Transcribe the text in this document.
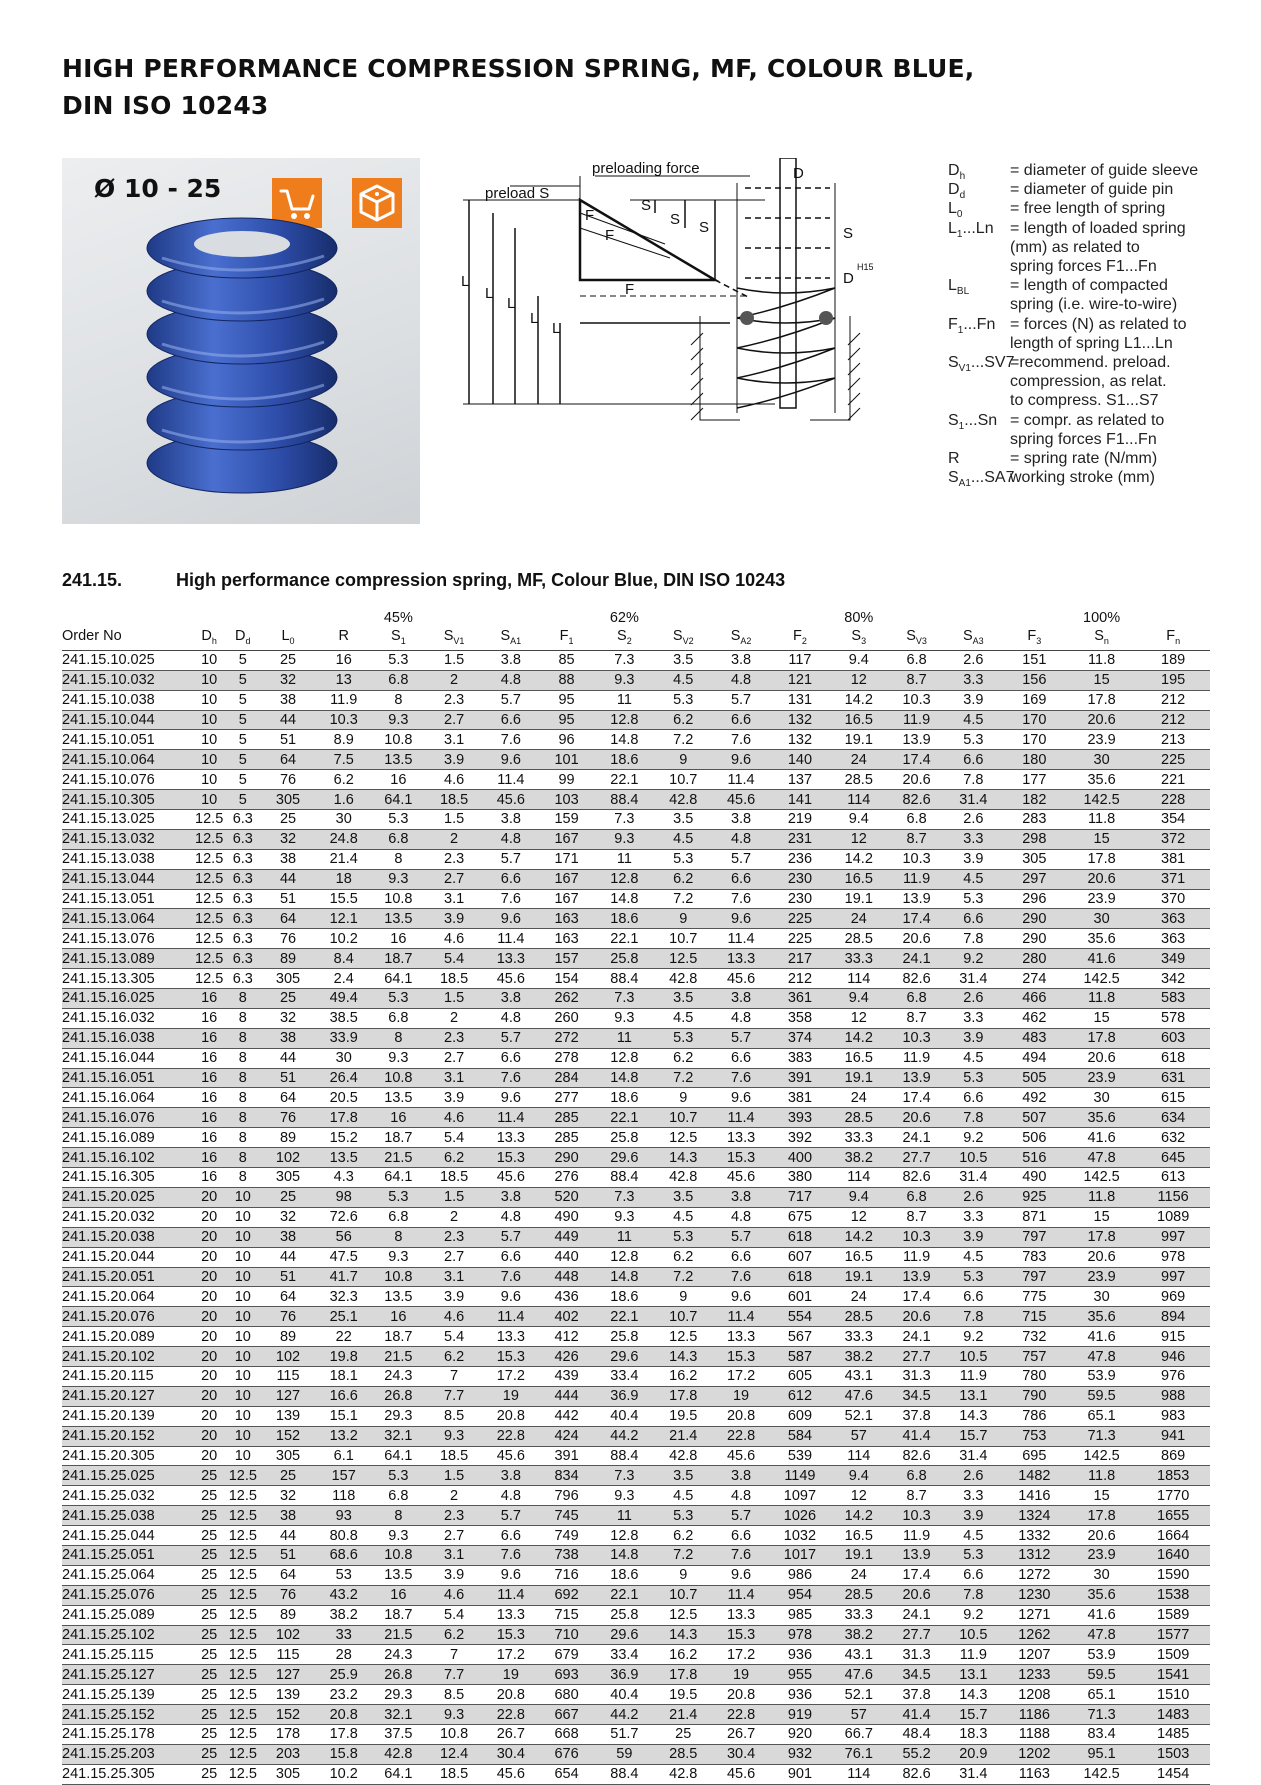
HIGH PERFORMANCE COMPRESSION SPRING, MF, COLOUR BLUE,
DIN ISO 10243
Ø 10 - 25
preloading force
preload S
F
F
F
D
D
H15
L
L
L
L
L
S
S S	S
$D_h$	= diameter of guide sleeve
$D_d$	= diameter of guide pin
$L_0$	= free length of spring
$L_1...Ln$ = length of loaded spring
(mm) as related to
spring forces F1...Fn
$L_{BL}$	= length of compacted
spring (i.e. wire-to-wire)
$F_1...Fn$ = forces (N) as related to
length of spring L1...Ln
$S_{V1}...SV7$
=recommend. preload.
compression, as relat.
to compress. S1...S7
$S_1...Sn$ = compr. as related to
spring forces F1...Fn
R	= spring rate (N/mm)
$S_{A1}...SA7$
working stroke (mm)
241.15.	High performance compression spring, MF, Colour Blue, DIN ISO 10243
					45%				62%				80%				100%	
Order No	$D_h$	$D_d$	$L_0$	R	$S_1$	$S_{V1}$	$S_{A1}$	$F_1$	$S_2$	$S_{V2}$	$S_{A2}$	$F_2$	$S_3$	$S_{V3}$	$S_{A3}$	$F_3$	$S_n$	$F_n$
241.15.10.025	10	5	25	16	5.3	1.5	3.8	85	7.3	3.5	3.8	117	9.4	6.8	2.6	151	11.8	189
241.15.10.032	10	5	32	13	6.8	2	4.8	88	9.3	4.5	4.8	121	12	8.7	3.3	156	15	195
241.15.10.038	10	5	38	11.9	8	2.3	5.7	95	11	5.3	5.7	131	14.2	10.3	3.9	169	17.8	212
241.15.10.044	10	5	44	10.3	9.3	2.7	6.6	95	12.8	6.2	6.6	132	16.5	11.9	4.5	170	20.6	212
241.15.10.051	10	5	51	8.9	10.8	3.1	7.6	96	14.8	7.2	7.6	132	19.1	13.9	5.3	170	23.9	213
241.15.10.064	10	5	64	7.5	13.5	3.9	9.6	101	18.6	9	9.6	140	24	17.4	6.6	180	30	225
241.15.10.076	10	5	76	6.2	16	4.6	11.4	99	22.1	10.7	11.4	137	28.5	20.6	7.8	177	35.6	221
241.15.10.305	10	5	305	1.6	64.1	18.5	45.6	103	88.4	42.8	45.6	141	114	82.6	31.4	182	142.5	228
241.15.13.025	12.5	6.3	25	30	5.3	1.5	3.8	159	7.3	3.5	3.8	219	9.4	6.8	2.6	283	11.8	354
241.15.13.032	12.5	6.3	32	24.8	6.8	2	4.8	167	9.3	4.5	4.8	231	12	8.7	3.3	298	15	372
241.15.13.038	12.5	6.3	38	21.4	8	2.3	5.7	171	11	5.3	5.7	236	14.2	10.3	3.9	305	17.8	381
241.15.13.044	12.5	6.3	44	18	9.3	2.7	6.6	167	12.8	6.2	6.6	230	16.5	11.9	4.5	297	20.6	371
241.15.13.051	12.5	6.3	51	15.5	10.8	3.1	7.6	167	14.8	7.2	7.6	230	19.1	13.9	5.3	296	23.9	370
241.15.13.064	12.5	6.3	64	12.1	13.5	3.9	9.6	163	18.6	9	9.6	225	24	17.4	6.6	290	30	363
241.15.13.076	12.5	6.3	76	10.2	16	4.6	11.4	163	22.1	10.7	11.4	225	28.5	20.6	7.8	290	35.6	363
241.15.13.089	12.5	6.3	89	8.4	18.7	5.4	13.3	157	25.8	12.5	13.3	217	33.3	24.1	9.2	280	41.6	349
241.15.13.305	12.5	6.3	305	2.4	64.1	18.5	45.6	154	88.4	42.8	45.6	212	114	82.6	31.4	274	142.5	342
241.15.16.025	16	8	25	49.4	5.3	1.5	3.8	262	7.3	3.5	3.8	361	9.4	6.8	2.6	466	11.8	583
241.15.16.032	16	8	32	38.5	6.8	2	4.8	260	9.3	4.5	4.8	358	12	8.7	3.3	462	15	578
241.15.16.038	16	8	38	33.9	8	2.3	5.7	272	11	5.3	5.7	374	14.2	10.3	3.9	483	17.8	603
241.15.16.044	16	8	44	30	9.3	2.7	6.6	278	12.8	6.2	6.6	383	16.5	11.9	4.5	494	20.6	618
241.15.16.051	16	8	51	26.4	10.8	3.1	7.6	284	14.8	7.2	7.6	391	19.1	13.9	5.3	505	23.9	631
241.15.16.064	16	8	64	20.5	13.5	3.9	9.6	277	18.6	9	9.6	381	24	17.4	6.6	492	30	615
241.15.16.076	16	8	76	17.8	16	4.6	11.4	285	22.1	10.7	11.4	393	28.5	20.6	7.8	507	35.6	634
241.15.16.089	16	8	89	15.2	18.7	5.4	13.3	285	25.8	12.5	13.3	392	33.3	24.1	9.2	506	41.6	632
241.15.16.102	16	8	102	13.5	21.5	6.2	15.3	290	29.6	14.3	15.3	400	38.2	27.7	10.5	516	47.8	645
241.15.16.305	16	8	305	4.3	64.1	18.5	45.6	276	88.4	42.8	45.6	380	114	82.6	31.4	490	142.5	613
241.15.20.025	20	10	25	98	5.3	1.5	3.8	520	7.3	3.5	3.8	717	9.4	6.8	2.6	925	11.8	1156
241.15.20.032	20	10	32	72.6	6.8	2	4.8	490	9.3	4.5	4.8	675	12	8.7	3.3	871	15	1089
241.15.20.038	20	10	38	56	8	2.3	5.7	449	11	5.3	5.7	618	14.2	10.3	3.9	797	17.8	997
241.15.20.044	20	10	44	47.5	9.3	2.7	6.6	440	12.8	6.2	6.6	607	16.5	11.9	4.5	783	20.6	978
241.15.20.051	20	10	51	41.7	10.8	3.1	7.6	448	14.8	7.2	7.6	618	19.1	13.9	5.3	797	23.9	997
241.15.20.064	20	10	64	32.3	13.5	3.9	9.6	436	18.6	9	9.6	601	24	17.4	6.6	775	30	969
241.15.20.076	20	10	76	25.1	16	4.6	11.4	402	22.1	10.7	11.4	554	28.5	20.6	7.8	715	35.6	894
241.15.20.089	20	10	89	22	18.7	5.4	13.3	412	25.8	12.5	13.3	567	33.3	24.1	9.2	732	41.6	915
241.15.20.102	20	10	102	19.8	21.5	6.2	15.3	426	29.6	14.3	15.3	587	38.2	27.7	10.5	757	47.8	946
241.15.20.115	20	10	115	18.1	24.3	7	17.2	439	33.4	16.2	17.2	605	43.1	31.3	11.9	780	53.9	976
241.15.20.127	20	10	127	16.6	26.8	7.7	19	444	36.9	17.8	19	612	47.6	34.5	13.1	790	59.5	988
241.15.20.139	20	10	139	15.1	29.3	8.5	20.8	442	40.4	19.5	20.8	609	52.1	37.8	14.3	786	65.1	983
241.15.20.152	20	10	152	13.2	32.1	9.3	22.8	424	44.2	21.4	22.8	584	57	41.4	15.7	753	71.3	941
241.15.20.305	20	10	305	6.1	64.1	18.5	45.6	391	88.4	42.8	45.6	539	114	82.6	31.4	695	142.5	869
241.15.25.025	25	12.5	25	157	5.3	1.5	3.8	834	7.3	3.5	3.8	1149	9.4	6.8	2.6	1482	11.8	1853
241.15.25.032	25	12.5	32	118	6.8	2	4.8	796	9.3	4.5	4.8	1097	12	8.7	3.3	1416	15	1770
241.15.25.038	25	12.5	38	93	8	2.3	5.7	745	11	5.3	5.7	1026	14.2	10.3	3.9	1324	17.8	1655
241.15.25.044	25	12.5	44	80.8	9.3	2.7	6.6	749	12.8	6.2	6.6	1032	16.5	11.9	4.5	1332	20.6	1664
241.15.25.051	25	12.5	51	68.6	10.8	3.1	7.6	738	14.8	7.2	7.6	1017	19.1	13.9	5.3	1312	23.9	1640
241.15.25.064	25	12.5	64	53	13.5	3.9	9.6	716	18.6	9	9.6	986	24	17.4	6.6	1272	30	1590
241.15.25.076	25	12.5	76	43.2	16	4.6	11.4	692	22.1	10.7	11.4	954	28.5	20.6	7.8	1230	35.6	1538
241.15.25.089	25	12.5	89	38.2	18.7	5.4	13.3	715	25.8	12.5	13.3	985	33.3	24.1	9.2	1271	41.6	1589
241.15.25.102	25	12.5	102	33	21.5	6.2	15.3	710	29.6	14.3	15.3	978	38.2	27.7	10.5	1262	47.8	1577
241.15.25.115	25	12.5	115	28	24.3	7	17.2	679	33.4	16.2	17.2	936	43.1	31.3	11.9	1207	53.9	1509
241.15.25.127	25	12.5	127	25.9	26.8	7.7	19	693	36.9	17.8	19	955	47.6	34.5	13.1	1233	59.5	1541
241.15.25.139	25	12.5	139	23.2	29.3	8.5	20.8	680	40.4	19.5	20.8	936	52.1	37.8	14.3	1208	65.1	1510
241.15.25.152	25	12.5	152	20.8	32.1	9.3	22.8	667	44.2	21.4	22.8	919	57	41.4	15.7	1186	71.3	1483
241.15.25.178	25	12.5	178	17.8	37.5	10.8	26.7	668	51.7	25	26.7	920	66.7	48.4	18.3	1188	83.4	1485
241.15.25.203	25	12.5	203	15.8	42.8	12.4	30.4	676	59	28.5	30.4	932	76.1	55.2	20.9	1202	95.1	1503
241.15.25.305	25	12.5	305	10.2	64.1	18.5	45.6	654	88.4	42.8	45.6	901	114	82.6	31.4	1163	142.5	1454
